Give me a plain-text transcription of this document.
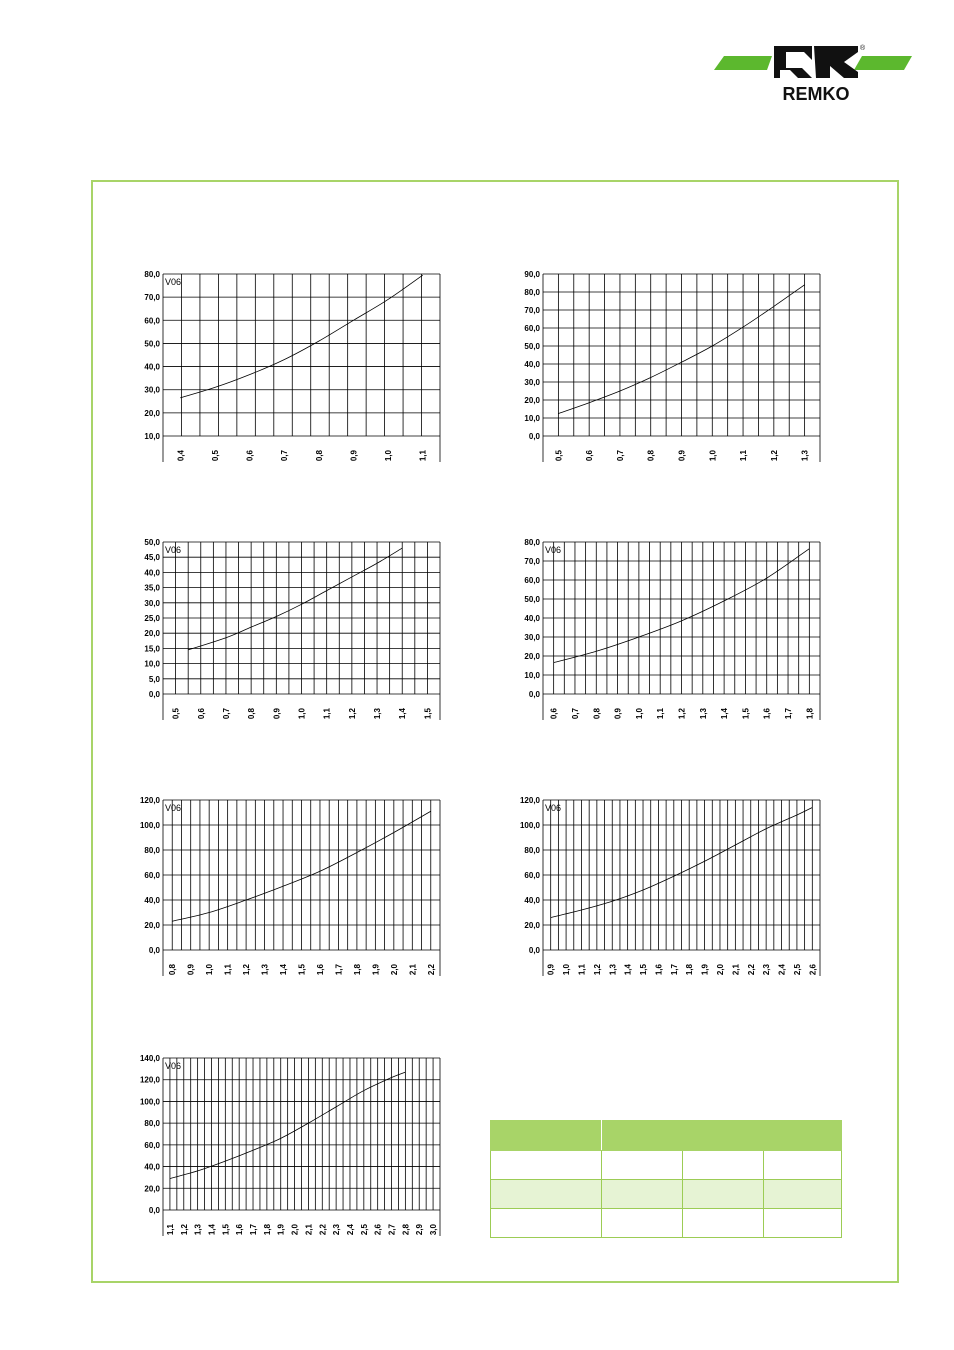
REMKO
®
10,0
20,0
30,0
40,0
50,0
60,0
70,0
80,0
0,4	0,5	0,6	0,7	0,8	0,9	1,0	1,1
V06
0,0
10,0
20,0
30,0
40,0
50,0
60,0
70,0
80,0
90,0
0,5	0,6	0,7	0,8	0,9	1,0	1,1	1,2	1,3
0,0
5,0
10,0
15,0
20,0
25,0
30,0
35,0
40,0
45,0
50,0
0,5 0,6 0,7 0,8 0,9 1,0 1,1 1,2 1,3 1,4 1,5
V06
0,0
10,0
20,0
30,0
40,0
50,0
60,0
70,0
80,0
0,6 0,7 0,8 0,9 1,0 1,1 1,2 1,3 1,4 1,5 1,6 1,7 1,8
V06
0,0
20,0
40,0
60,0
80,0
100,0
120,0
0,8 0,9 1,0 1,1 1,2 1,3 1,4 1,5 1,6 1,7 1,8 1,9 2,0 2,1 2,2
V06
0,0
20,0
40,0
60,0
80,0
100,0
120,0
0,9 1,0 1,1 1,2 1,3 1,4 1,5 1,6 1,7 1,8 1,9 2,0 2,1 2,2 2,3 2,4 2,5 2,6
V06
0,0
20,0
40,0
60,0
80,0
100,0
120,0
140,0
1,1 1,2 1,3 1,4 1,5 1,6 1,7 1,8 1,9 2,0 2,1 2,2 2,3 2,4 2,5 2,6 2,7 2,8 2,9 3,0
V06
